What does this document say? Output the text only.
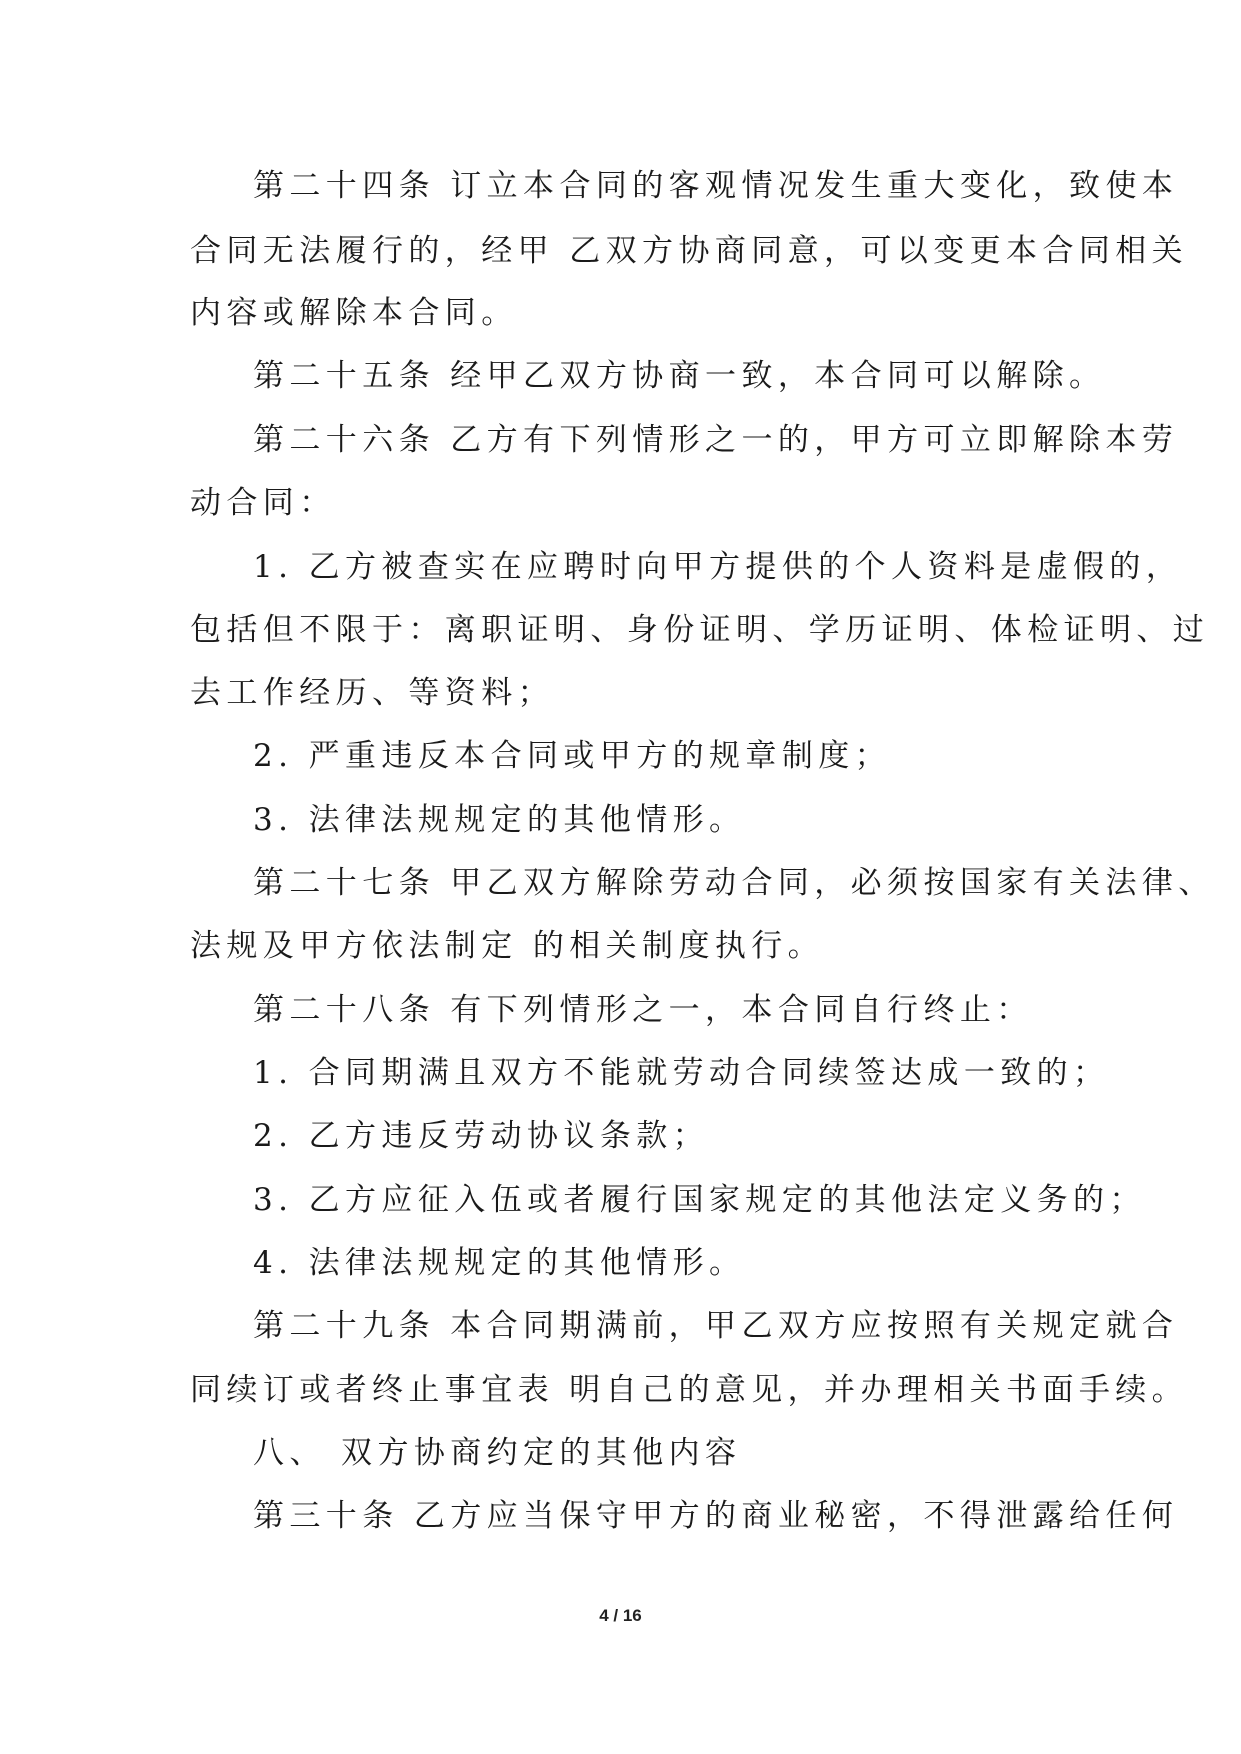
第二十四条 订立本合同的客观情况发生重大变化，致使本
合同无法履行的，经甲 乙双方协商同意，可以变更本合同相关
内容或解除本合同。
第二十五条 经甲乙双方协商一致，本合同可以解除。
第二十六条 乙方有下列情形之一的，甲方可立即解除本劳
动合同：
1. 乙方被查实在应聘时向甲方提供的个人资料是虚假的，
包括但不限于：离职证明、身份证明、学历证明、体检证明、过
去工作经历、等资料；
2. 严重违反本合同或甲方的规章制度；
3. 法律法规规定的其他情形。
第二十七条 甲乙双方解除劳动合同，必须按国家有关法律、
法规及甲方依法制定 的相关制度执行。
第二十八条 有下列情形之一，本合同自行终止：
1. 合同期满且双方不能就劳动合同续签达成一致的；
2. 乙方违反劳动协议条款；
3. 乙方应征入伍或者履行国家规定的其他法定义务的；
4. 法律法规规定的其他情形。
第二十九条 本合同期满前，甲乙双方应按照有关规定就合
同续订或者终止事宜表 明自己的意见，并办理相关书面手续。
八、 双方协商约定的其他内容
第三十条 乙方应当保守甲方的商业秘密，不得泄露给任何
4 / 16
